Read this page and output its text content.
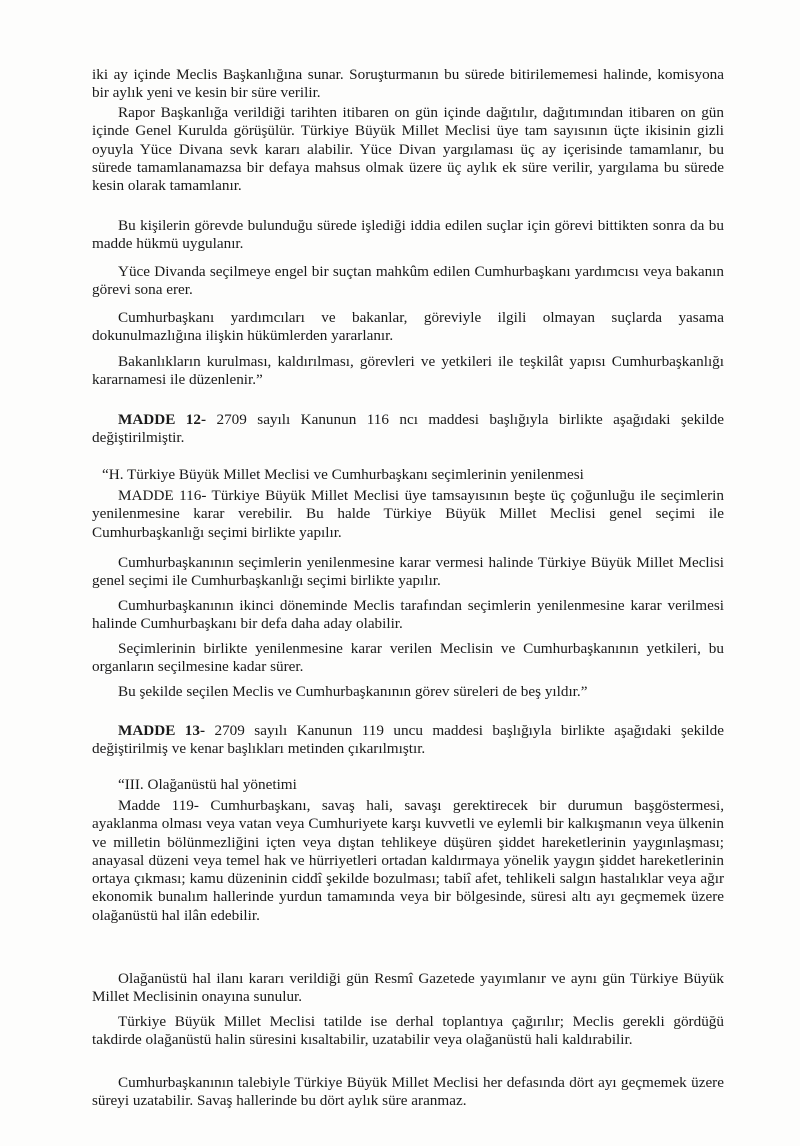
iki ay içinde Meclis Başkanlığına sunar. Soruşturmanın bu sürede bitirilememesi halinde, komisyona bir aylık yeni ve kesin bir süre verilir.

Rapor Başkanlığa verildiği tarihten itibaren on gün içinde dağıtılır, dağıtımından itibaren on gün içinde Genel Kurulda görüşülür. Türkiye Büyük Millet Meclisi üye tam sayısının üçte ikisinin gizli oyuyla Yüce Divana sevk kararı alabilir. Yüce Divan yargılaması üç ay içerisinde tamamlanır, bu sürede tamamlanamazsa bir defaya mahsus olmak üzere üç aylık ek süre verilir, yargılama bu sürede kesin olarak tamamlanır.

Bu kişilerin görevde bulunduğu sürede işlediği iddia edilen suçlar için görevi bittikten sonra da bu madde hükmü uygulanır.

Yüce Divanda seçilmeye engel bir suçtan mahkûm edilen Cumhurbaşkanı yardımcısı veya bakanın görevi sona erer.

Cumhurbaşkanı yardımcıları ve bakanlar, göreviyle ilgili olmayan suçlarda yasama dokunulmazlığına ilişkin hükümlerden yararlanır.

Bakanlıkların kurulması, kaldırılması, görevleri ve yetkileri ile teşkilât yapısı Cumhurbaşkanlığı kararnamesi ile düzenlenir.”

MADDE 12- 2709 sayılı Kanunun 116 ncı maddesi başlığıyla birlikte aşağıdaki şekilde değiştirilmiştir.

“H. Türkiye Büyük Millet Meclisi ve Cumhurbaşkanı seçimlerinin yenilenmesi

MADDE 116- Türkiye Büyük Millet Meclisi üye tamsayısının beşte üç çoğunluğu ile seçimlerin yenilenmesine karar verebilir. Bu halde Türkiye Büyük Millet Meclisi genel seçimi ile Cumhurbaşkanlığı seçimi birlikte yapılır.

Cumhurbaşkanının seçimlerin yenilenmesine karar vermesi halinde Türkiye Büyük Millet Meclisi genel seçimi ile Cumhurbaşkanlığı seçimi birlikte yapılır.

Cumhurbaşkanının ikinci döneminde Meclis tarafından seçimlerin yenilenmesine karar verilmesi halinde Cumhurbaşkanı bir defa daha aday olabilir.

Seçimlerinin birlikte yenilenmesine karar verilen Meclisin ve Cumhurbaşkanının yetkileri, bu organların seçilmesine kadar sürer.

Bu şekilde seçilen Meclis ve Cumhurbaşkanının görev süreleri de beş yıldır.”

MADDE 13- 2709 sayılı Kanunun 119 uncu maddesi başlığıyla birlikte aşağıdaki şekilde değiştirilmiş ve kenar başlıkları metinden çıkarılmıştır.

“III. Olağanüstü hal yönetimi

Madde 119- Cumhurbaşkanı, savaş hali, savaşı gerektirecek bir durumun başgöstermesi, ayaklanma olması veya vatan veya Cumhuriyete karşı kuvvetli ve eylemli bir kalkışmanın veya ülkenin ve milletin bölünmezliğini içten veya dıştan tehlikeye düşüren şiddet hareketlerinin yaygınlaşması; anayasal düzeni veya temel hak ve hürriyetleri ortadan kaldırmaya yönelik yaygın şiddet hareketlerinin ortaya çıkması; kamu düzeninin ciddî şekilde bozulması; tabiî afet, tehlikeli salgın hastalıklar veya ağır ekonomik bunalım hallerinde yurdun tamamında veya bir bölgesinde, süresi altı ayı geçmemek üzere olağanüstü hal ilân edebilir.

Olağanüstü hal ilanı kararı verildiği gün Resmî Gazetede yayımlanır ve aynı gün Türkiye Büyük Millet Meclisinin onayına sunulur.

Türkiye Büyük Millet Meclisi tatilde ise derhal toplantıya çağırılır; Meclis gerekli gördüğü takdirde olağanüstü halin süresini kısaltabilir, uzatabilir veya olağanüstü hali kaldırabilir.

Cumhurbaşkanının talebiyle Türkiye Büyük Millet Meclisi her defasında dört ayı geçmemek üzere süreyi uzatabilir. Savaş hallerinde bu dört aylık süre aranmaz.
